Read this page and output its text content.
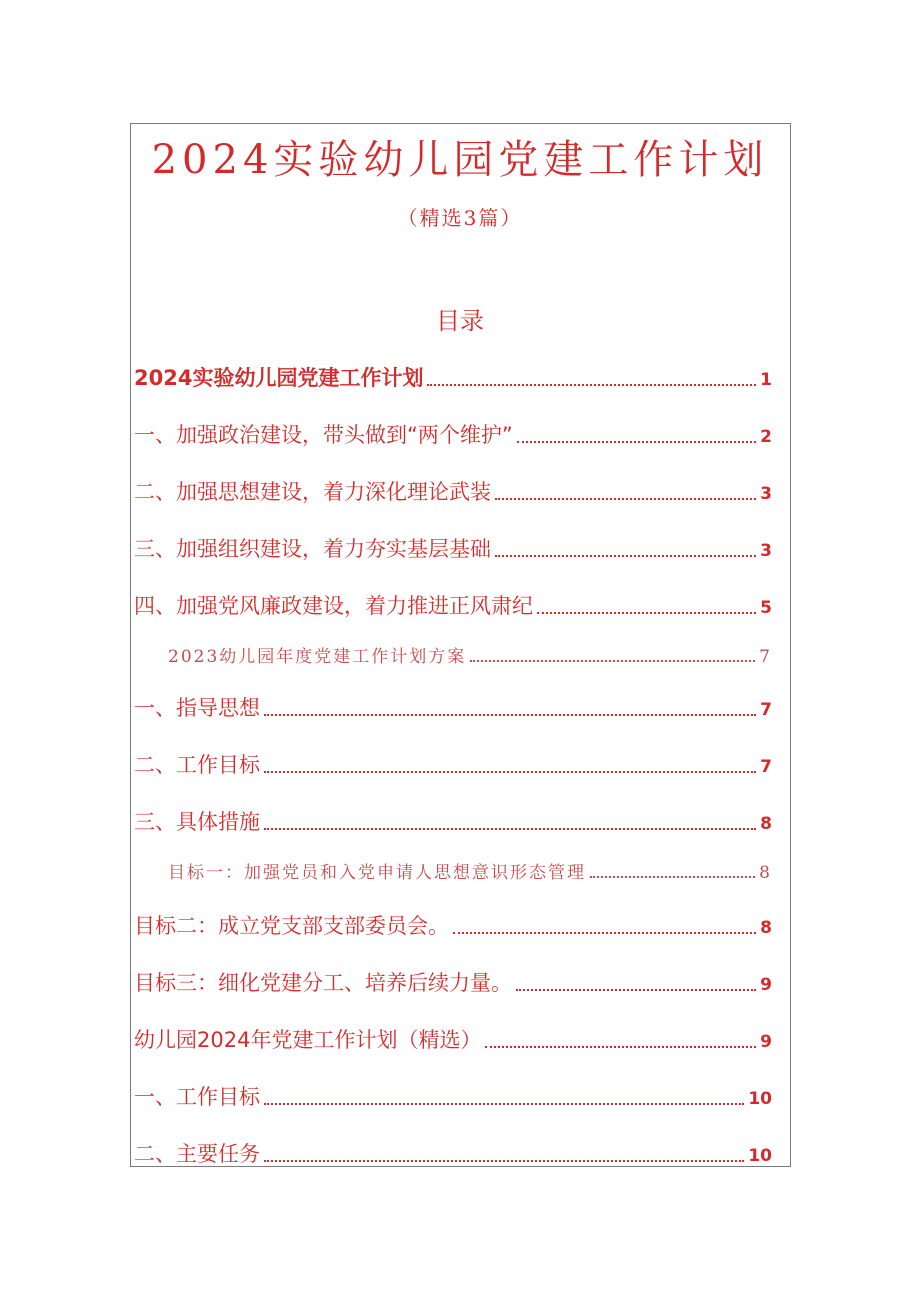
2024实验幼儿园党建工作计划
（精选3篇）
目录
2024实验幼儿园党建工作计划	1
一、加强政治建设，带头做到“两个维护”	2
二、加强思想建设，着力深化理论武装	3
三、加强组织建设，着力夯实基层基础	3
四、加强党风廉政建设，着力推进正风肃纪	5
2023幼儿园年度党建工作计划方案	7
一、指导思想	7
二、工作目标	7
三、具体措施	8
目标一：加强党员和入党申请人思想意识形态管理	8
目标二：成立党支部支部委员会。	8
目标三：细化党建分工、培养后续力量。	9
幼儿园2024年党建工作计划（精选）	9
一、工作目标	10
二、主要任务	10
